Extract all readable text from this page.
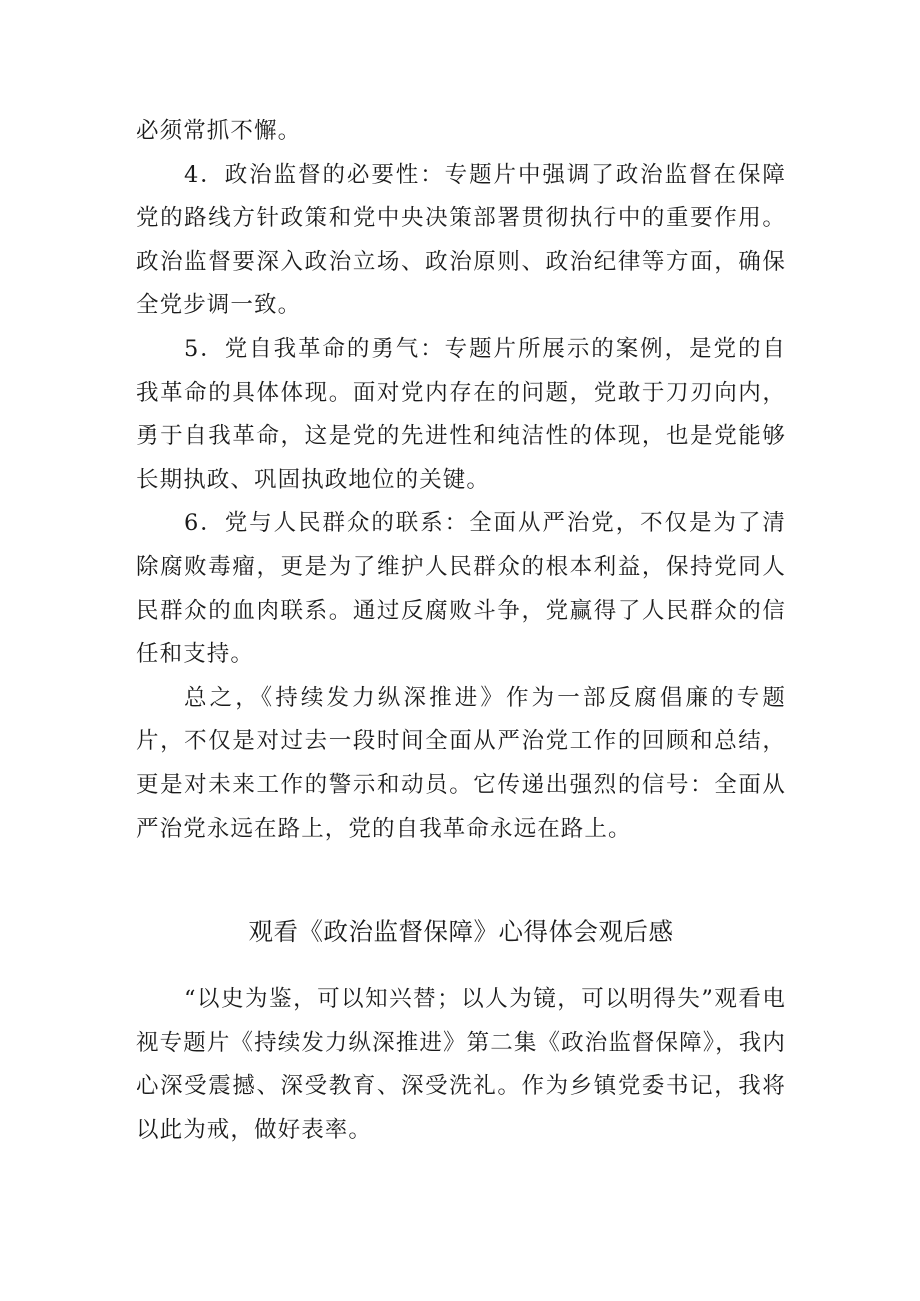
必须常抓不懈。

4．政治监督的必要性：专题片中强调了政治监督在保障党的路线方针政策和党中央决策部署贯彻执行中的重要作用。政治监督要深入政治立场、政治原则、政治纪律等方面，确保全党步调一致。

5．党自我革命的勇气：专题片所展示的案例，是党的自我革命的具体体现。面对党内存在的问题，党敢于刀刃向内，勇于自我革命，这是党的先进性和纯洁性的体现，也是党能够长期执政、巩固执政地位的关键。

6．党与人民群众的联系：全面从严治党，不仅是为了清除腐败毒瘤，更是为了维护人民群众的根本利益，保持党同人民群众的血肉联系。通过反腐败斗争，党赢得了人民群众的信任和支持。

总之，《持续发力纵深推进》作为一部反腐倡廉的专题片，不仅是对过去一段时间全面从严治党工作的回顾和总结，更是对未来工作的警示和动员。它传递出强烈的信号：全面从严治党永远在路上，党的自我革命永远在路上。

观看《政治监督保障》心得体会观后感

“以史为鉴，可以知兴替；以人为镜，可以明得失”观看电视专题片《持续发力纵深推进》第二集《政治监督保障》，我内心深受震撼、深受教育、深受洗礼。作为乡镇党委书记，我将以此为戒，做好表率。
